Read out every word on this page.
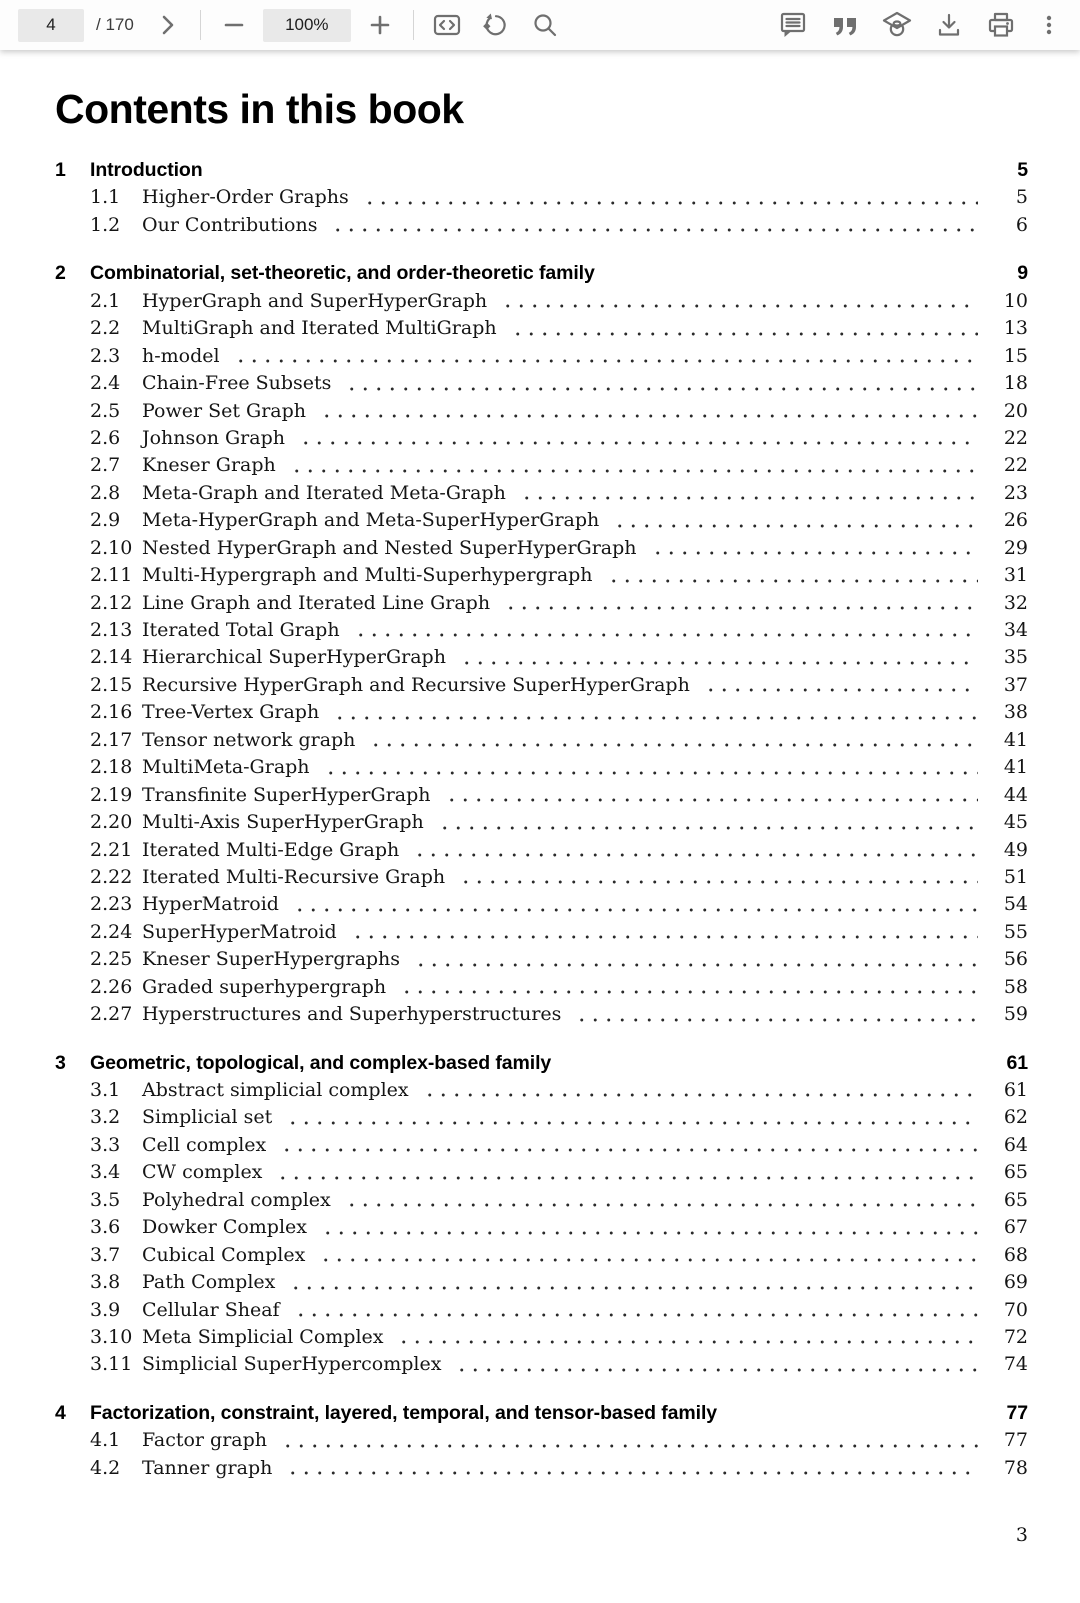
4
/ 170	100%
Contents in this book
1	Introduction	5
1.1	Higher-Order Graphs	5
1.2	Our Contributions	6
2	Combinatorial, set-theoretic, and order-theoretic family	9
2.1	HyperGraph and SuperHyperGraph	10
2.2	MultiGraph and Iterated MultiGraph	13
2.3	h-model	15
2.4	Chain-Free Subsets	18
2.5	Power Set Graph	20
2.6	Johnson Graph	22
2.7	Kneser Graph	22
2.8	Meta-Graph and Iterated Meta-Graph	23
2.9	Meta-HyperGraph and Meta-SuperHyperGraph	26
2.10 Nested HyperGraph and Nested SuperHyperGraph	29
2.11 Multi-Hypergraph and Multi-Superhypergraph	31
2.12 Line Graph and Iterated Line Graph	32
2.13 Iterated Total Graph	34
2.14 Hierarchical SuperHyperGraph	35
2.15 Recursive HyperGraph and Recursive SuperHyperGraph	37
2.16 Tree-Vertex Graph	38
2.17 Tensor network graph	41
2.18 MultiMeta-Graph	41
2.19 Transfinite SuperHyperGraph	44
2.20 Multi-Axis SuperHyperGraph	45
2.21 Iterated Multi-Edge Graph	49
2.22 Iterated Multi-Recursive Graph	51
2.23 HyperMatroid	54
2.24 SuperHyperMatroid	55
2.25 Kneser SuperHypergraphs	56
2.26 Graded superhypergraph	58
2.27 Hyperstructures and Superhyperstructures	59
3	Geometric, topological, and complex-based family	61
3.1	Abstract simplicial complex	61
3.2	Simplicial set	62
3.3	Cell complex	64
3.4	CW complex	65
3.5	Polyhedral complex	65
3.6	Dowker Complex	67
3.7	Cubical Complex	68
3.8	Path Complex	69
3.9	Cellular Sheaf	70
3.10 Meta Simplicial Complex	72
3.11 Simplicial SuperHypercomplex	74
4	Factorization, constraint, layered, temporal, and tensor-based family	77
4.1	Factor graph	77
4.2	Tanner graph	78
3
